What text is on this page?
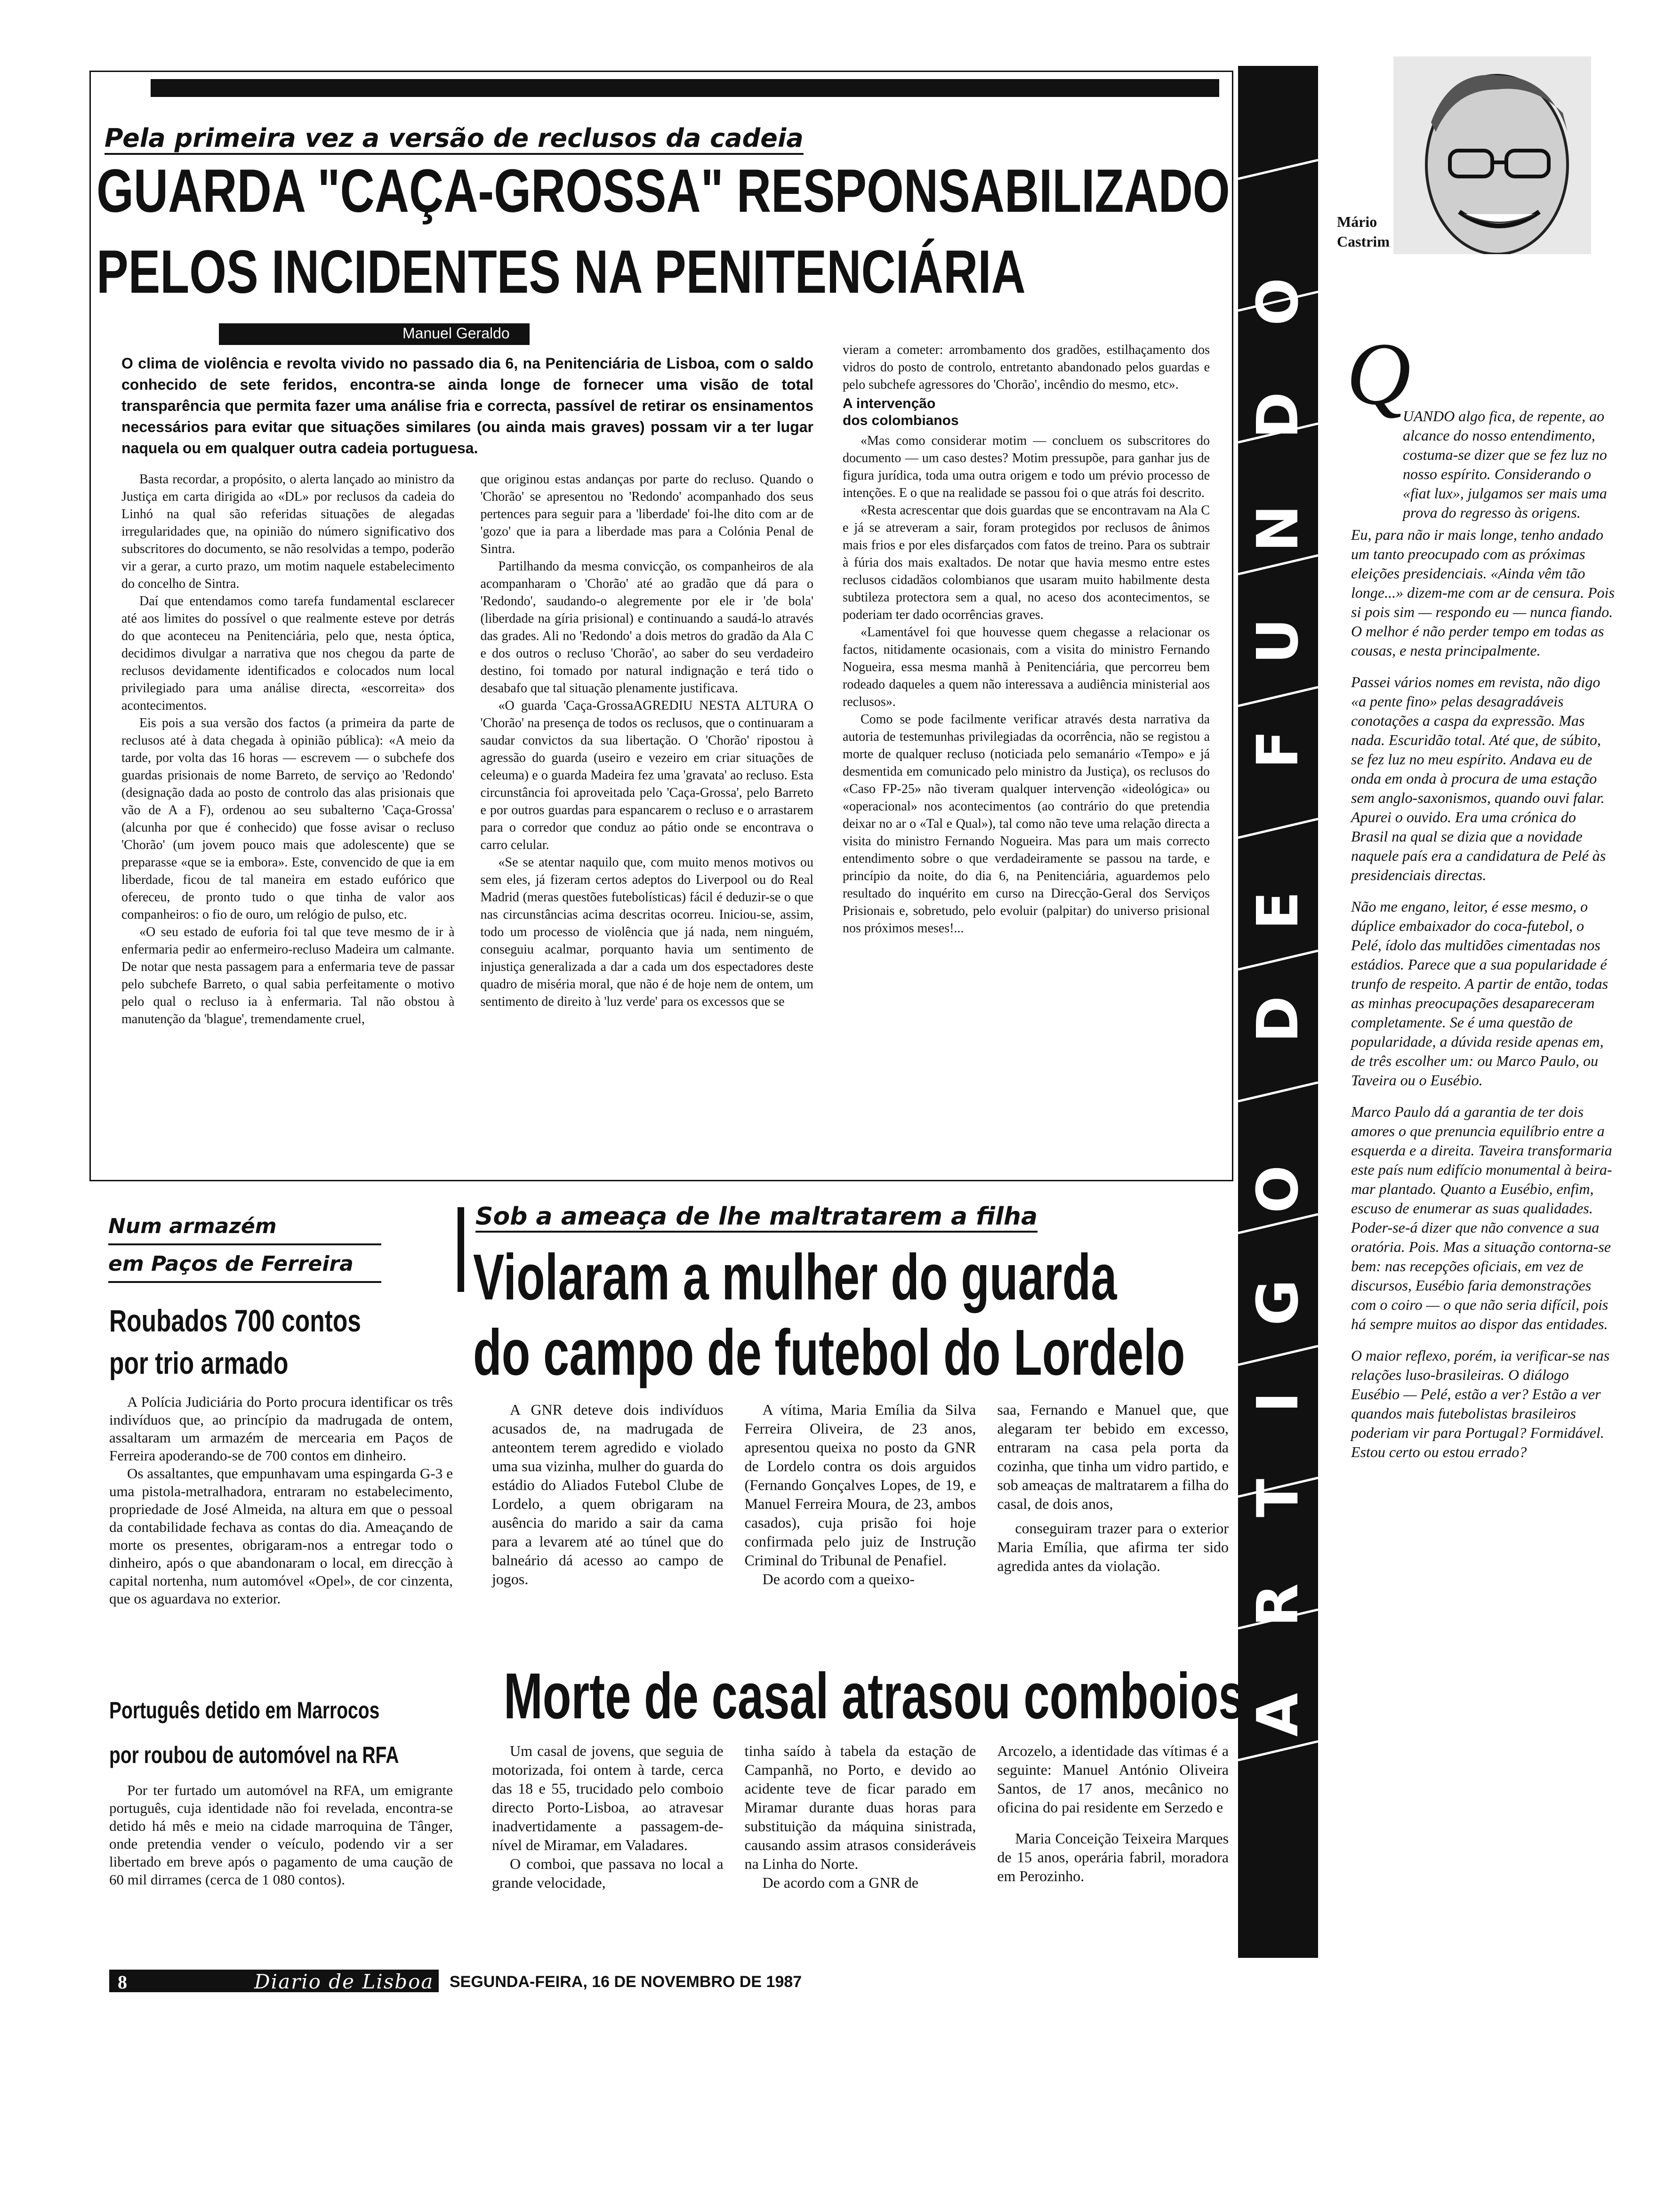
Pela primeira vez a versão de reclusos da cadeia
GUARDA "CAÇA-GROSSA" RESPONSABILIZADO
PELOS INCIDENTES NA PENITENCIÁRIA
Manuel Geraldo
O clima de violência e revolta vivido no passado dia 6, na Penitenciária de Lisboa, com o saldo conhecido de sete feridos, encontra-se ainda longe de fornecer uma visão de total transparência que permita fazer uma análise fria e correcta, passível de retirar os ensinamentos necessários para evitar que situações similares (ou ainda mais graves) possam vir a ter lugar naquela ou em qualquer outra cadeia portuguesa.

Basta recordar, a propósito, o alerta lançado ao ministro da Justiça em carta dirigida ao «DL» por reclusos da cadeia do Linhó na qual são referidas situações de alegadas irregularidades que, na opinião do número significativo dos subscritores do documento, se não resolvidas a tempo, poderão vir a gerar, a curto prazo, um motim naquele estabelecimento do concelho de Sintra.

Daí que entendamos como tarefa fundamental esclarecer até aos limites do possível o que realmente esteve por detrás do que aconteceu na Penitenciária, pelo que, nesta óptica, decidimos divulgar a narrativa que nos chegou da parte de reclusos devidamente identificados e colocados num local privilegiado para uma análise directa, «escorreita» dos acontecimentos.

Eis pois a sua versão dos factos (a primeira da parte de reclusos até à data chegada à opinião pública): «A meio da tarde, por volta das 16 horas — escrevem — o subchefe dos guardas prisionais de nome Barreto, de serviço ao 'Redondo' (designação dada ao posto de controlo das alas prisionais que vão de A a F), ordenou ao seu subalterno 'Caça-Grossa' (alcunha por que é conhecido) que fosse avisar o recluso 'Chorão' (um jovem pouco mais que adolescente) que se preparasse «que se ia embora». Este, convencido de que ia em liberdade, ficou de tal maneira em estado eufórico que ofereceu, de pronto tudo o que tinha de valor aos companheiros: o fio de ouro, um relógio de pulso, etc.

«O seu estado de euforia foi tal que teve mesmo de ir à enfermaria pedir ao enfermeiro-recluso Madeira um calmante. De notar que nesta passagem para a enfermaria teve de passar pelo subchefe Barreto, o qual sabia perfeitamente o motivo pelo qual o recluso ia à enfermaria. Tal não obstou à manutenção da 'blague', tremendamente cruel,

que originou estas andanças por parte do recluso. Quando o 'Chorão' se apresentou no 'Redondo' acompanhado dos seus pertences para seguir para a 'liberdade' foi-lhe dito com ar de 'gozo' que ia para a liberdade mas para a Colónia Penal de Sintra.

Partilhando da mesma convicção, os companheiros de ala acompanharam o 'Chorão' até ao gradão que dá para o 'Redondo', saudando-o alegremente por ele ir 'de bola' (liberdade na gíria prisional) e continuando a saudá-lo através das grades. Ali no 'Redondo' a dois metros do gradão da Ala C e dos outros o recluso 'Chorão', ao saber do seu verdadeiro destino, foi tomado por natural indignação e terá tido o desabafo que tal situação plenamente justificava.

«O guarda 'Caça-GrossaAGREDIU NESTA ALTURA O 'Chorão' na presença de todos os reclusos, que o continuaram a saudar convictos da sua libertação. O 'Chorão' ripostou à agressão do guarda (useiro e vezeiro em criar situações de celeuma) e o guarda Madeira fez uma 'gravata' ao recluso. Esta circunstância foi aproveitada pelo 'Caça-Grossa', pelo Barreto e por outros guardas para espancarem o recluso e o arrastarem para o corredor que conduz ao pátio onde se encontrava o carro celular.

«Se se atentar naquilo que, com muito menos motivos ou sem eles, já fizeram certos adeptos do Liverpool ou do Real Madrid (meras questões futebolísticas) fácil é deduzir-se o que nas circunstâncias acima descritas ocorreu. Iniciou-se, assim, todo um processo de violência que já nada, nem ninguém, conseguiu acalmar, porquanto havia um sentimento de injustiça generalizada a dar a cada um dos espectadores deste quadro de miséria moral, que não é de hoje nem de ontem, um sentimento de direito à 'luz verde' para os excessos que se

vieram a cometer: arrombamento dos gradões, estilhaçamento dos vidros do posto de controlo, entretanto abandonado pelos guardas e pelo subchefe agressores do 'Chorão', incêndio do mesmo, etc».

A intervenção
dos colombianos

«Mas como considerar motim — concluem os subscritores do documento — um caso destes? Motim pressupõe, para ganhar jus de figura jurídica, toda uma outra origem e todo um prévio processo de intenções. E o que na realidade se passou foi o que atrás foi descrito.

«Resta acrescentar que dois guardas que se encontravam na Ala C e já se atreveram a sair, foram protegidos por reclusos de ânimos mais frios e por eles disfarçados com fatos de treino. Para os subtrair à fúria dos mais exaltados. De notar que havia mesmo entre estes reclusos cidadãos colombianos que usaram muito habilmente desta subtileza protectora sem a qual, no aceso dos acontecimentos, se poderiam ter dado ocorrências graves.

«Lamentável foi que houvesse quem chegasse a relacionar os factos, nitidamente ocasionais, com a visita do ministro Fernando Nogueira, essa mesma manhã à Penitenciária, que percorreu bem rodeado daqueles a quem não interessava a audiência ministerial aos reclusos».

Como se pode facilmente verificar através desta narrativa da autoria de testemunhas privilegiadas da ocorrência, não se registou a morte de qualquer recluso (noticiada pelo semanário «Tempo» e já desmentida em comunicado pelo ministro da Justiça), os reclusos do «Caso FP-25» não tiveram qualquer intervenção «ideológica» ou «operacional» nos acontecimentos (ao contrário do que pretendia deixar no ar o «Tal e Qual»), tal como não teve uma relação directa a visita do ministro Fernando Nogueira. Mas para um mais correcto entendimento sobre o que verdadeiramente se passou na tarde, e princípio da noite, do dia 6, na Penitenciária, aguardemos pelo resultado do inquérito em curso na Direcção-Geral dos Serviços Prisionais e, sobretudo, pelo evoluir (palpitar) do universo prisional nos próximos meses!...

A
R
T
I
G
O
D
E
F
U
N
D
O
Mário Castrim
Q

UANDO algo fica, de repente, ao alcance do nosso entendimento, costuma-se dizer que se fez luz no nosso espírito. Considerando o «fiat lux», julgamos ser mais uma prova do regresso às origens.

Eu, para não ir mais longe, tenho andado um tanto preocupado com as próximas eleições presidenciais. «Ainda vêm tão longe...» dizem-me com ar de censura. Pois si pois sim — respondo eu — nunca fiando. O melhor é não perder tempo em todas as cousas, e nesta principalmente.

Passei vários nomes em revista, não digo «a pente fino» pelas desagradáveis conotações a caspa da expressão. Mas nada. Escuridão total. Até que, de súbito, se fez luz no meu espírito. Andava eu de onda em onda à procura de uma estação sem anglo-saxonismos, quando ouvi falar. Apurei o ouvido. Era uma crónica do Brasil na qual se dizia que a novidade naquele país era a candidatura de Pelé às presidenciais directas.

Não me engano, leitor, é esse mesmo, o dúplice embaixador do coca-futebol, o Pelé, ídolo das multidões cimentadas nos estádios. Parece que a sua popularidade é trunfo de respeito. A partir de então, todas as minhas preocupações desapareceram completamente. Se é uma questão de popularidade, a dúvida reside apenas em, de três escolher um: ou Marco Paulo, ou Taveira ou o Eusébio.

Marco Paulo dá a garantia de ter dois amores o que prenuncia equilíbrio entre a esquerda e a direita. Taveira transformaria este país num edifício monumental à beira-mar plantado. Quanto a Eusébio, enfim, escuso de enumerar as suas qualidades. Poder-se-á dizer que não convence a sua oratória. Pois. Mas a situação contorna-se bem: nas recepções oficiais, em vez de discursos, Eusébio faria demonstrações com o coiro — o que não seria difícil, pois há sempre muitos ao dispor das entidades.

O maior reflexo, porém, ia verificar-se nas relações luso-brasileiras. O diálogo Eusébio — Pelé, estão a ver? Estão a ver quandos mais futebolistas brasileiros poderiam vir para Portugal? Formidável. Estou certo ou estou errado?

Num armazém
em Paços de Ferreira
Roubados 700 contos
por trio armado

A Polícia Judiciária do Porto procura identificar os três indivíduos que, ao princípio da madrugada de ontem, assaltaram um armazém de mercearia em Paços de Ferreira apoderando-se de 700 contos em dinheiro.

Os assaltantes, que empunhavam uma espingarda G-3 e uma pistola-metralhadora, entraram no estabelecimento, propriedade de José Almeida, na altura em que o pessoal da contabilidade fechava as contas do dia. Ameaçando de morte os presentes, obrigaram-nos a entregar todo o dinheiro, após o que abandonaram o local, em direcção à capital nortenha, num automóvel «Opel», de cor cinzenta, que os aguardava no exterior.

Português detido em Marrocos
por roubou de automóvel na RFA

Por ter furtado um automóvel na RFA, um emigrante português, cuja identidade não foi revelada, encontra-se detido há mês e meio na cidade marroquina de Tânger, onde pretendia vender o veículo, podendo vir a ser libertado em breve após o pagamento de uma caução de 60 mil dirrames (cerca de 1 080 contos).

Sob a ameaça de lhe maltratarem a filha
Violaram a mulher do guarda
do campo de futebol do Lordelo

A GNR deteve dois indivíduos acusados de, na madrugada de anteontem terem agredido e violado uma sua vizinha, mulher do guarda do estádio do Aliados Futebol Clube de Lordelo, a quem obrigaram na ausência do marido a sair da cama para a levarem até ao túnel que do balneário dá acesso ao campo de jogos.

A vítima, Maria Emília da Silva Ferreira Oliveira, de 23 anos, apresentou queixa no posto da GNR de Lordelo contra os dois arguidos (Fernando Gonçalves Lopes, de 19, e Manuel Ferreira Moura, de 23, ambos casados), cuja prisão foi hoje confirmada pelo juiz de Instrução Criminal do Tribunal de Penafiel.

De acordo com a queixo-

saa, Fernando e Manuel que, que alegaram ter bebido em excesso, entraram na casa pela porta da cozinha, que tinha um vidro partido, e sob ameaças de maltratarem a filha do casal, de dois anos,

conseguiram trazer para o exterior Maria Emília, que afirma ter sido agredida antes da violação.

Morte de casal atrasou comboios

Um casal de jovens, que seguia de motorizada, foi ontem à tarde, cerca das 18 e 55, trucidado pelo comboio directo Porto-Lisboa, ao atravesar inadvertidamente a passagem-de-nível de Miramar, em Valadares.

O comboi, que passava no local a grande velocidade,

tinha saído à tabela da estação de Campanhã, no Porto, e devido ao acidente teve de ficar parado em Miramar durante duas horas para substituição da máquina sinistrada, causando assim atrasos consideráveis na Linha do Norte.

De acordo com a GNR de

Arcozelo, a identidade das vítimas é a seguinte: Manuel António Oliveira Santos, de 17 anos, mecânico no oficina do pai residente em Serzedo e

Maria Conceição Teixeira Marques de 15 anos, operária fabril, moradora em Perozinho.

8	Diario de Lisboa SEGUNDA-FEIRA, 16 DE NOVEMBRO DE 1987
